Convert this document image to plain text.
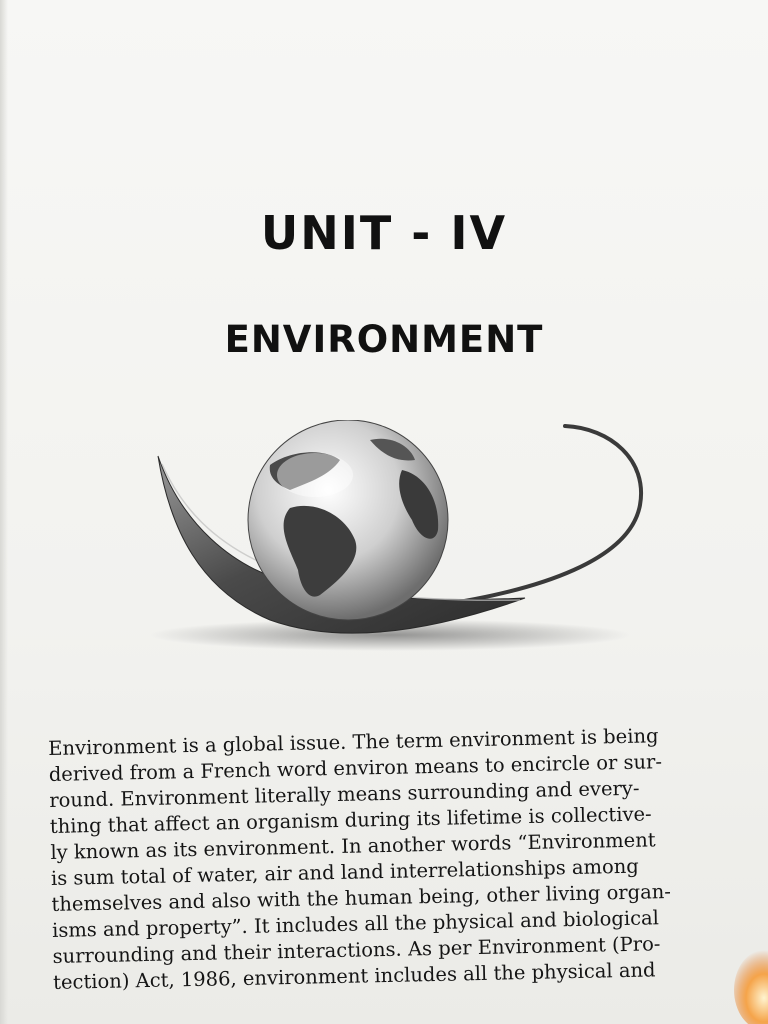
UNIT - IV
ENVIRONMENT

Environment is a global issue. The term environment is being
derived from a French word environ means to encircle or sur-
round. Environment literally means surrounding and every-
thing that affect an organism during its lifetime is collective-
ly known as its environment. In another words “Environment
is sum total of water, air and land interrelationships among
themselves and also with the human being, other living organ-
isms and property”. It includes all the physical and biological
surrounding and their interactions. As per Environment (Pro-
tection) Act, 1986, environment includes all the physical and
